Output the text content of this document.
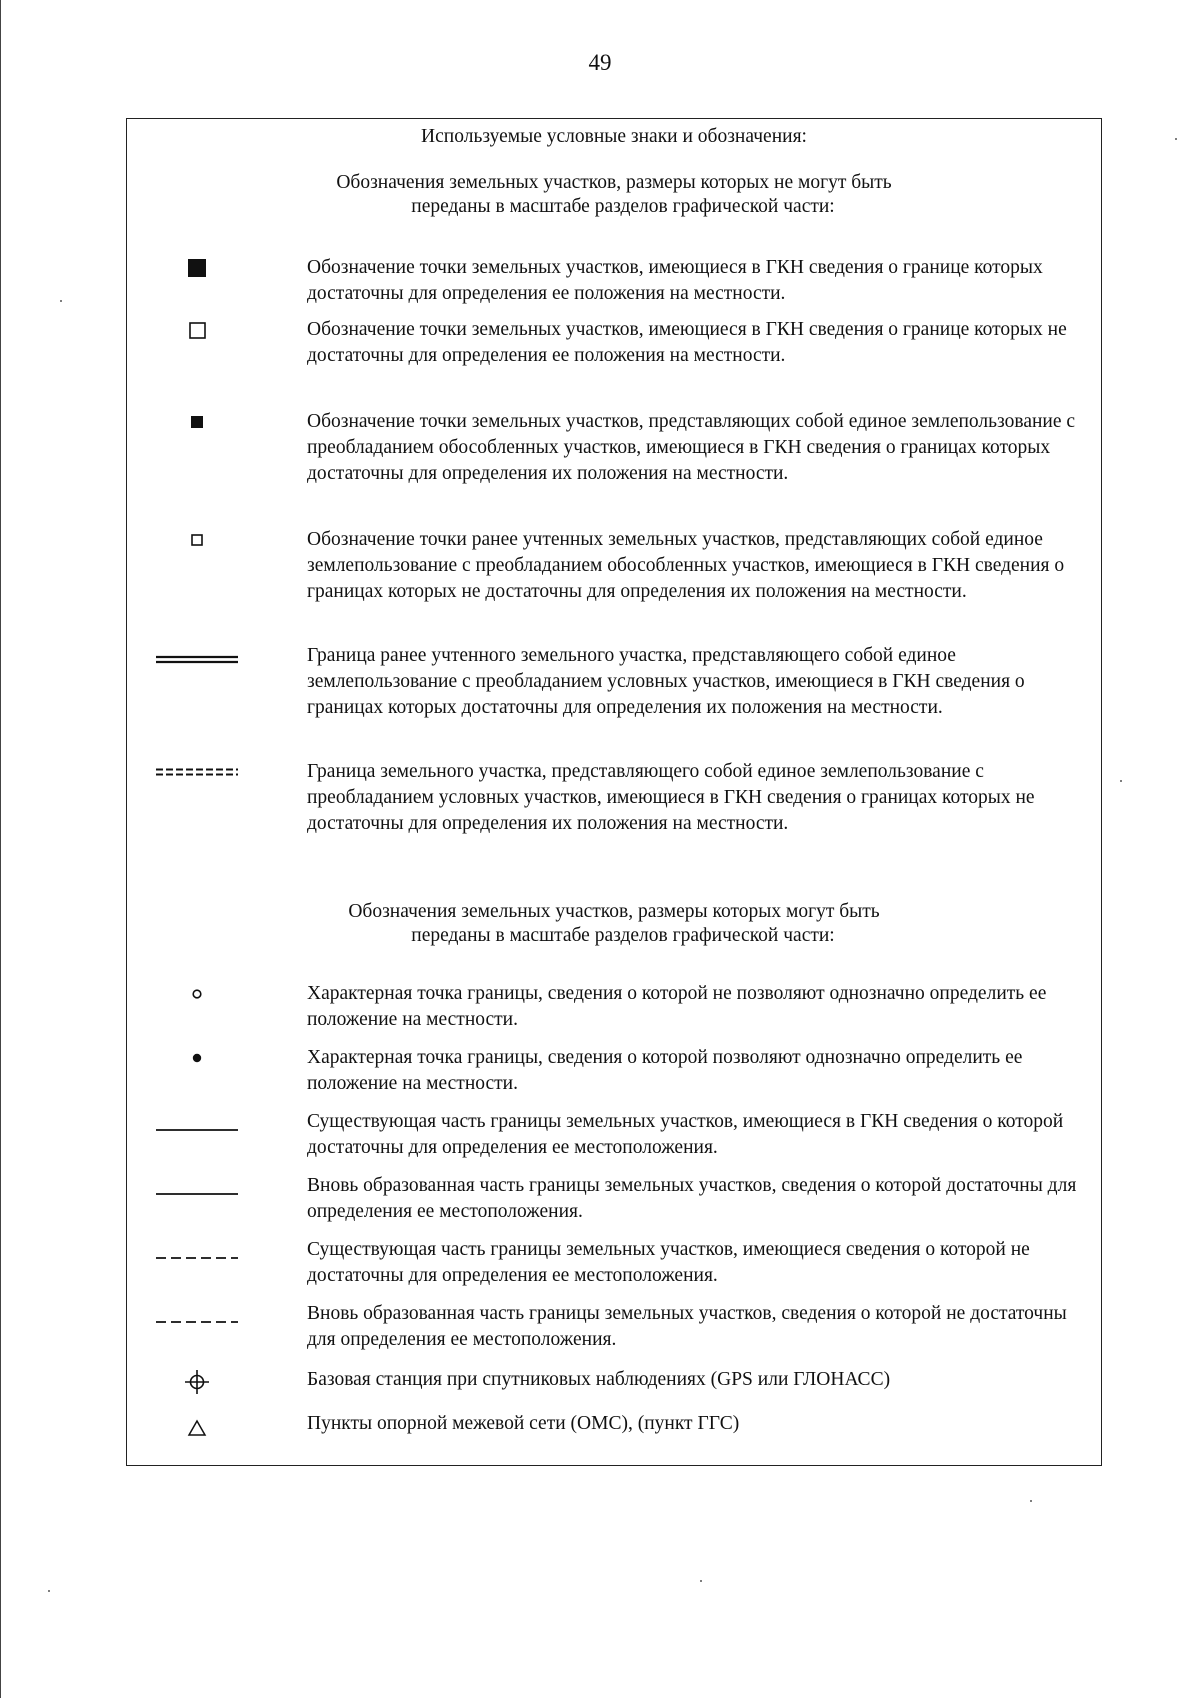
49
Используемые условные знаки и обозначения:
Обозначения земельных участков, размеры которых не могут быть
переданы в масштабе разделов графической части:
Обозначение точки земельных участков, имеющиеся в ГКН сведения о границе которых достаточны для определения ее положения на местности.
Обозначение точки земельных участков, имеющиеся в ГКН сведения о границе которых не достаточны для определения ее положения на местности.
Обозначение точки земельных участков, представляющих собой единое землепользование с преобладанием обособленных участков, имеющиеся в ГКН сведения о границах которых достаточны для определения их положения на местности.
Обозначение точки ранее учтенных земельных участков, представляющих собой единое землепользование с преобладанием обособленных участков, имеющиеся в ГКН сведения о границах которых не достаточны для определения их положения на местности.
Граница ранее учтенного земельного участка, представляющего собой единое землепользование с преобладанием условных участков, имеющиеся в ГКН сведения о границах которых достаточны для определения их положения на местности.
Граница земельного участка, представляющего собой единое землепользование с преобладанием условных участков, имеющиеся в ГКН сведения о границах которых не достаточны для определения их положения на местности.
Обозначения земельных участков, размеры которых могут быть
переданы в масштабе разделов графической части:
Характерная точка границы, сведения о которой не позволяют однозначно определить ее положение на местности.
Характерная точка границы, сведения о которой позволяют однозначно определить ее положение на местности.
Существующая часть границы земельных участков, имеющиеся в ГКН сведения о которой достаточны для определения ее местоположения.
Вновь образованная часть границы земельных участков, сведения о которой достаточны для определения ее местоположения.
Существующая часть границы земельных участков, имеющиеся сведения о которой не достаточны для определения ее местоположения.
Вновь образованная часть границы земельных участков, сведения о которой не достаточны для определения ее местоположения.
Базовая станция при спутниковых наблюдениях (GPS или ГЛОНАСС)
Пункты опорной межевой сети (ОМС), (пункт ГГС)
